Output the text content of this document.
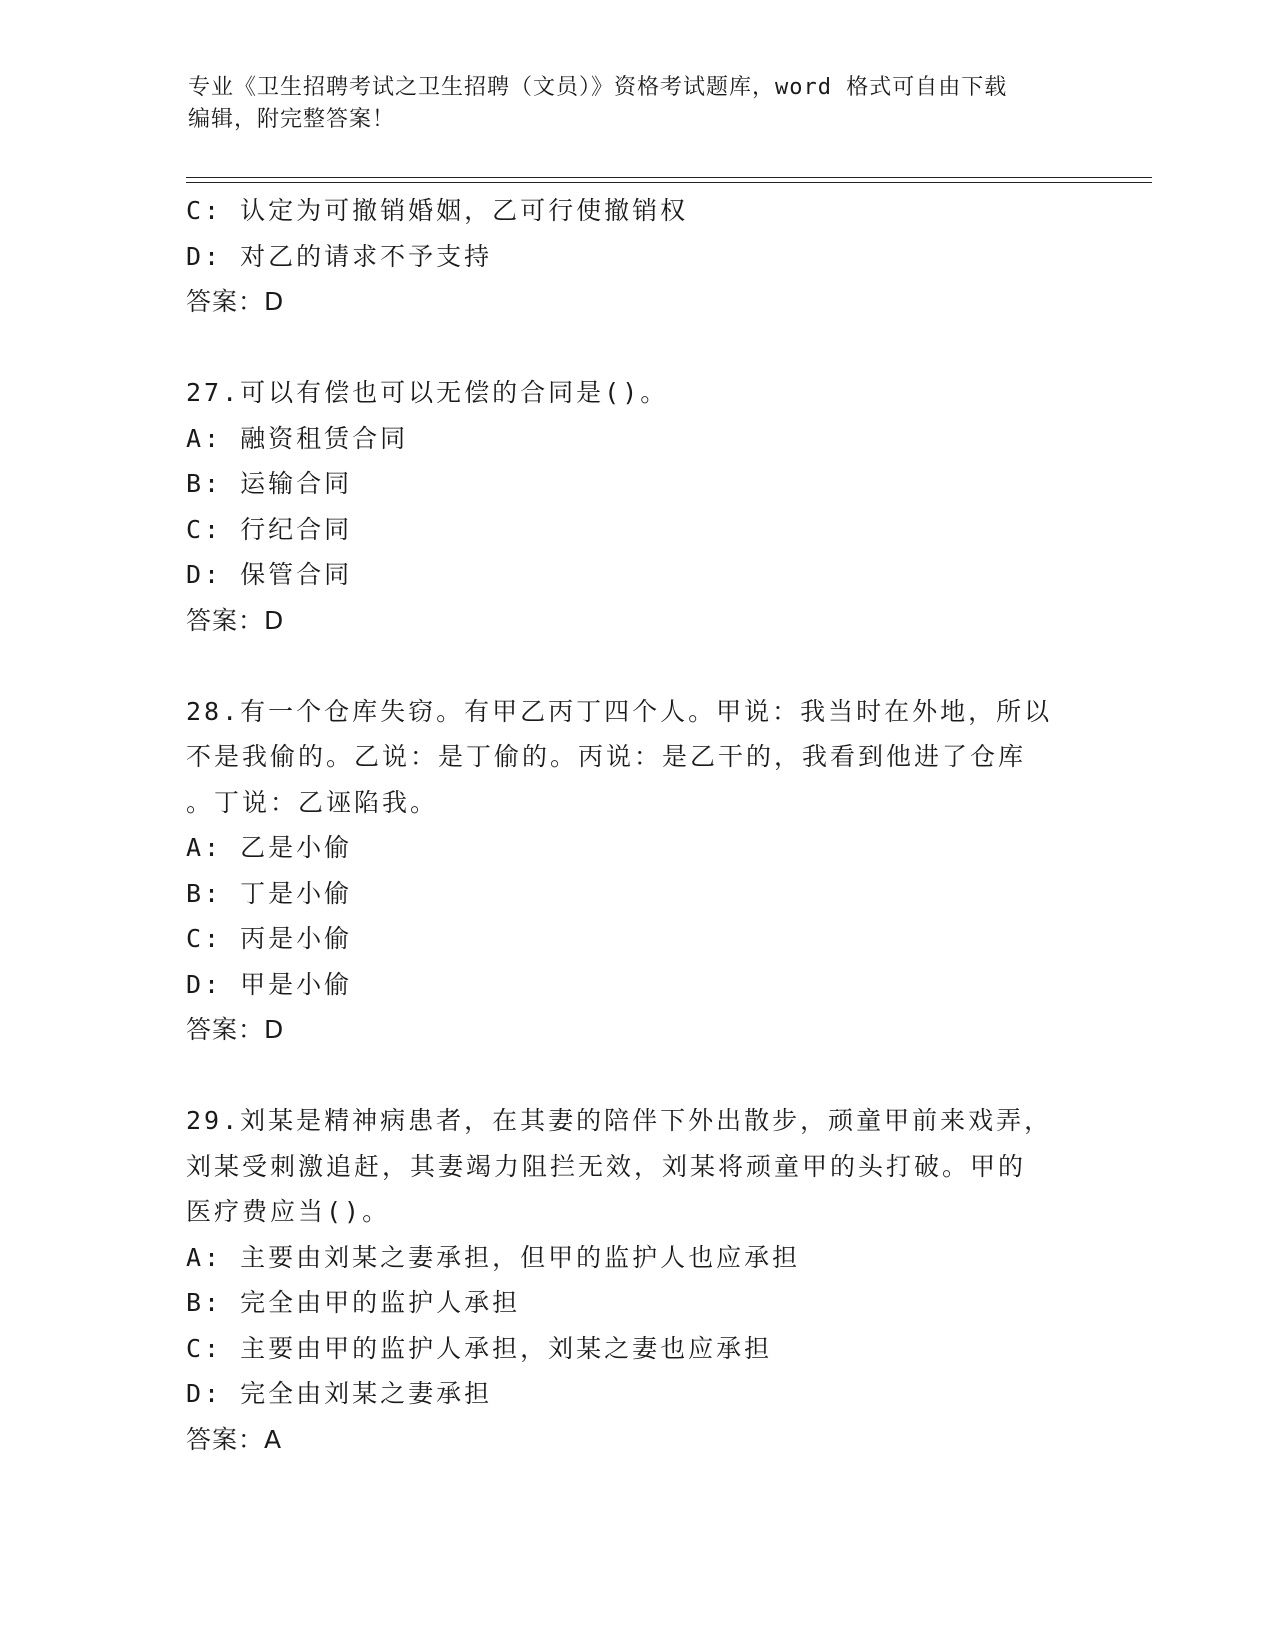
专业《卫生招聘考试之卫生招聘（文员）》资格考试题库，word 格式可自由下载
编辑，附完整答案！
C: 认定为可撤销婚姻，乙可行使撤销权
D: 对乙的请求不予支持
答案：D
27.可以有偿也可以无偿的合同是()。
A: 融资租赁合同
B: 运输合同
C: 行纪合同
D: 保管合同
答案：D
28.有一个仓库失窃。有甲乙丙丁四个人。甲说：我当时在外地，所以
不是我偷的。乙说：是丁偷的。丙说：是乙干的，我看到他进了仓库
。丁说：乙诬陷我。
A: 乙是小偷
B: 丁是小偷
C: 丙是小偷
D: 甲是小偷
答案：D
29.刘某是精神病患者，在其妻的陪伴下外出散步，顽童甲前来戏弄，
刘某受刺激追赶，其妻竭力阻拦无效，刘某将顽童甲的头打破。甲的
医疗费应当()。
A: 主要由刘某之妻承担，但甲的监护人也应承担
B: 完全由甲的监护人承担
C: 主要由甲的监护人承担，刘某之妻也应承担
D: 完全由刘某之妻承担
答案：A
